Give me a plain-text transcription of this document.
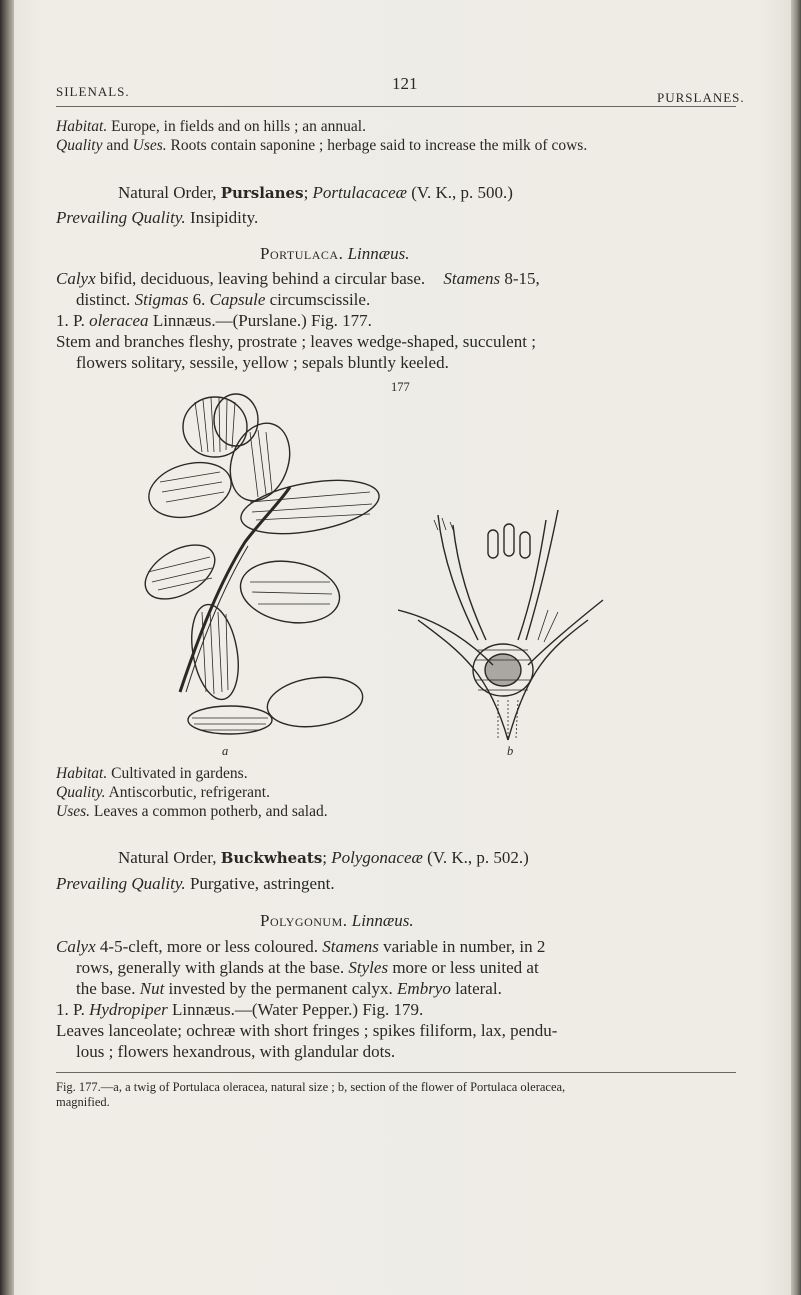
SILENALS.	121
PURSLANES.
Habitat. Europe, in fields and on hills ; an annual.
Quality and Uses. Roots contain saponine ; herbage said to increase the milk of cows.
Natural Order, Purslanes; Portulacaceæ (V. K., p. 500.)
Prevailing Quality. Insipidity.
Portulaca. Linnæus.
Calyx bifid, deciduous, leaving behind a circular base. Stamens 8-15,
distinct. Stigmas 6. Capsule circumscissile.
1. P. oleracea Linnæus.—(Purslane.) Fig. 177.
Stem and branches fleshy, prostrate ; leaves wedge-shaped, succulent ;
flowers solitary, sessile, yellow ; sepals bluntly keeled.
177
a	b
Habitat. Cultivated in gardens.
Quality. Antiscorbutic, refrigerant.
Uses. Leaves a common potherb, and salad.
Natural Order, Buckwheats; Polygonaceæ (V. K., p. 502.)
Prevailing Quality. Purgative, astringent.
Polygonum. Linnæus.
Calyx 4-5-cleft, more or less coloured. Stamens variable in number, in 2
rows, generally with glands at the base. Styles more or less united at
the base. Nut invested by the permanent calyx. Embryo lateral.
1. P. Hydropiper Linnæus.—(Water Pepper.) Fig. 179.
Leaves lanceolate; ochreæ with short fringes ; spikes filiform, lax, pendu-
lous ; flowers hexandrous, with glandular dots.
Fig. 177.—a, a twig of Portulaca oleracea, natural size ; b, section of the flower of Portulaca oleracea,
magnified.
